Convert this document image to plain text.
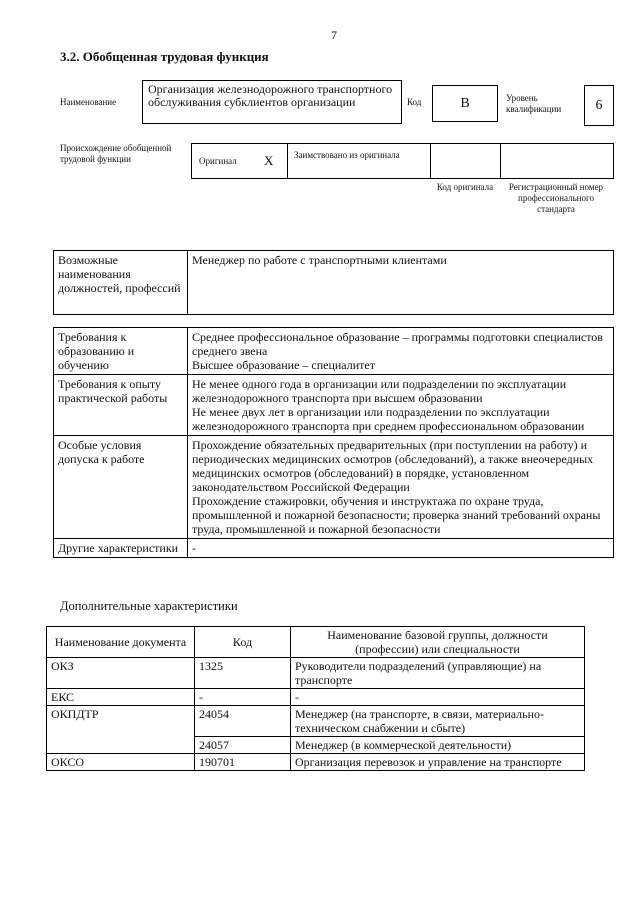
7
3.2. Обобщенная трудовая функция
Наименование
Организация железнодорожного транспортного обслуживания субклиентов организации	Код	B	Уровень квалификации	6
Происхождение обобщенной трудовой функции	Оригинал X Заимствовано из оригинала
Код оригинала	Регистрационный номер профессионального стандарта
Возможные наименования должностей, профессий	Менеджер по работе с транспортными клиентами
Требования к образованию и обучению	Среднее профессиональное образование – программы подготовки специалистов среднего звена
Высшее образование – специалитет

Требования к опыту практической работы	Не менее одного года в организации или подразделении по эксплуатации железнодорожного транспорта при высшем образовании
Не менее двух лет в организации или подразделении по эксплуатации железнодорожного транспорта при среднем профессиональном образовании

Особые условия допуска к работе	Прохождение обязательных предварительных (при поступлении на работу) и периодических медицинских осмотров (обследований), а также внеочередных медицинских осмотров (обследований) в порядке, установленном законодательством Российской Федерации
Прохождение стажировки, обучения и инструктажа по охране труда, промышленной и пожарной безопасности; проверка знаний требований охраны труда, промышленной и пожарной безопасности

Другие характеристики	-
Дополнительные характеристики
Наименование документа	Код	Наименование базовой группы, должности (профессии) или специальности
ОКЗ	1325	Руководители подразделений (управляющие) на транспорте
ЕКС	-	-
ОКПДТР	24054	Менеджер (на транспорте, в связи, материально-техническом снабжении и сбыте)
	24057	Менеджер (в коммерческой деятельности)
ОКСО	190701	Организация перевозок и управление на транспорте
